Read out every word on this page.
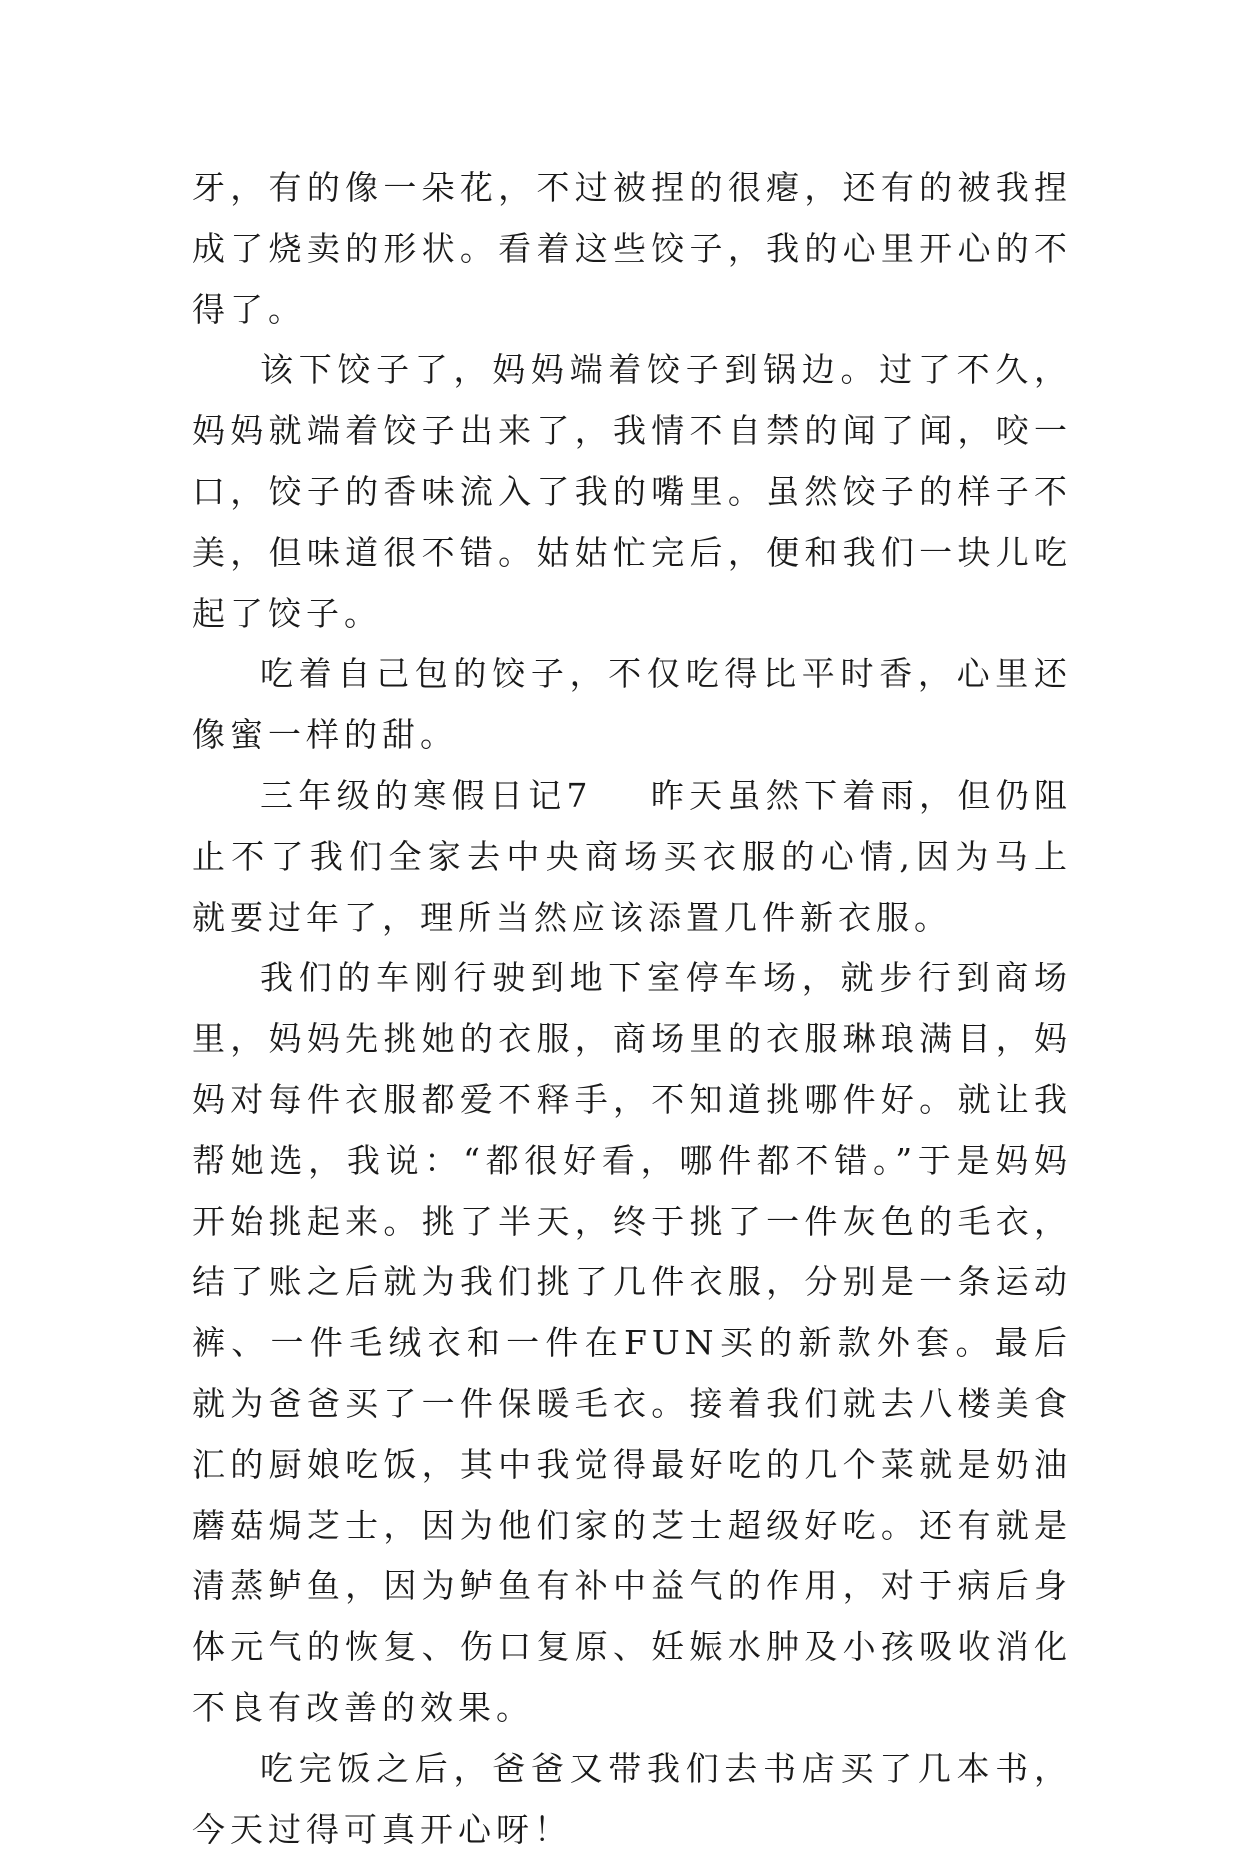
牙，有的像一朵花，不过被捏的很瘪，还有的被我捏成了烧卖的形状。看着这些饺子，我的心里开心的不得了。

该下饺子了，妈妈端着饺子到锅边。过了不久，妈妈就端着饺子出来了，我情不自禁的闻了闻，咬一口，饺子的香味流入了我的嘴里。虽然饺子的样子不美，但味道很不错。姑姑忙完后，便和我们一块儿吃起了饺子。

吃着自己包的饺子，不仅吃得比平时香，心里还像蜜一样的甜。

三年级的寒假日记7 昨天虽然下着雨，但仍阻止不了我们全家去中央商场买衣服的心情,因为马上就要过年了，理所当然应该添置几件新衣服。

我们的车刚行驶到地下室停车场，就步行到商场里，妈妈先挑她的衣服，商场里的衣服琳琅满目，妈妈对每件衣服都爱不释手，不知道挑哪件好。就让我帮她选，我说：“都很好看，哪件都不错。”于是妈妈开始挑起来。挑了半天，终于挑了一件灰色的毛衣，结了账之后就为我们挑了几件衣服，分别是一条运动裤、一件毛绒衣和一件在FUN买的新款外套。最后就为爸爸买了一件保暖毛衣。接着我们就去八楼美食汇的厨娘吃饭，其中我觉得最好吃的几个菜就是奶油蘑菇焗芝士，因为他们家的芝士超级好吃。还有就是清蒸鲈鱼，因为鲈鱼有补中益气的作用，对于病后身体元气的恢复、伤口复原、妊娠水肿及小孩吸收消化不良有改善的效果。

吃完饭之后，爸爸又带我们去书店买了几本书，今天过得可真开心呀！
